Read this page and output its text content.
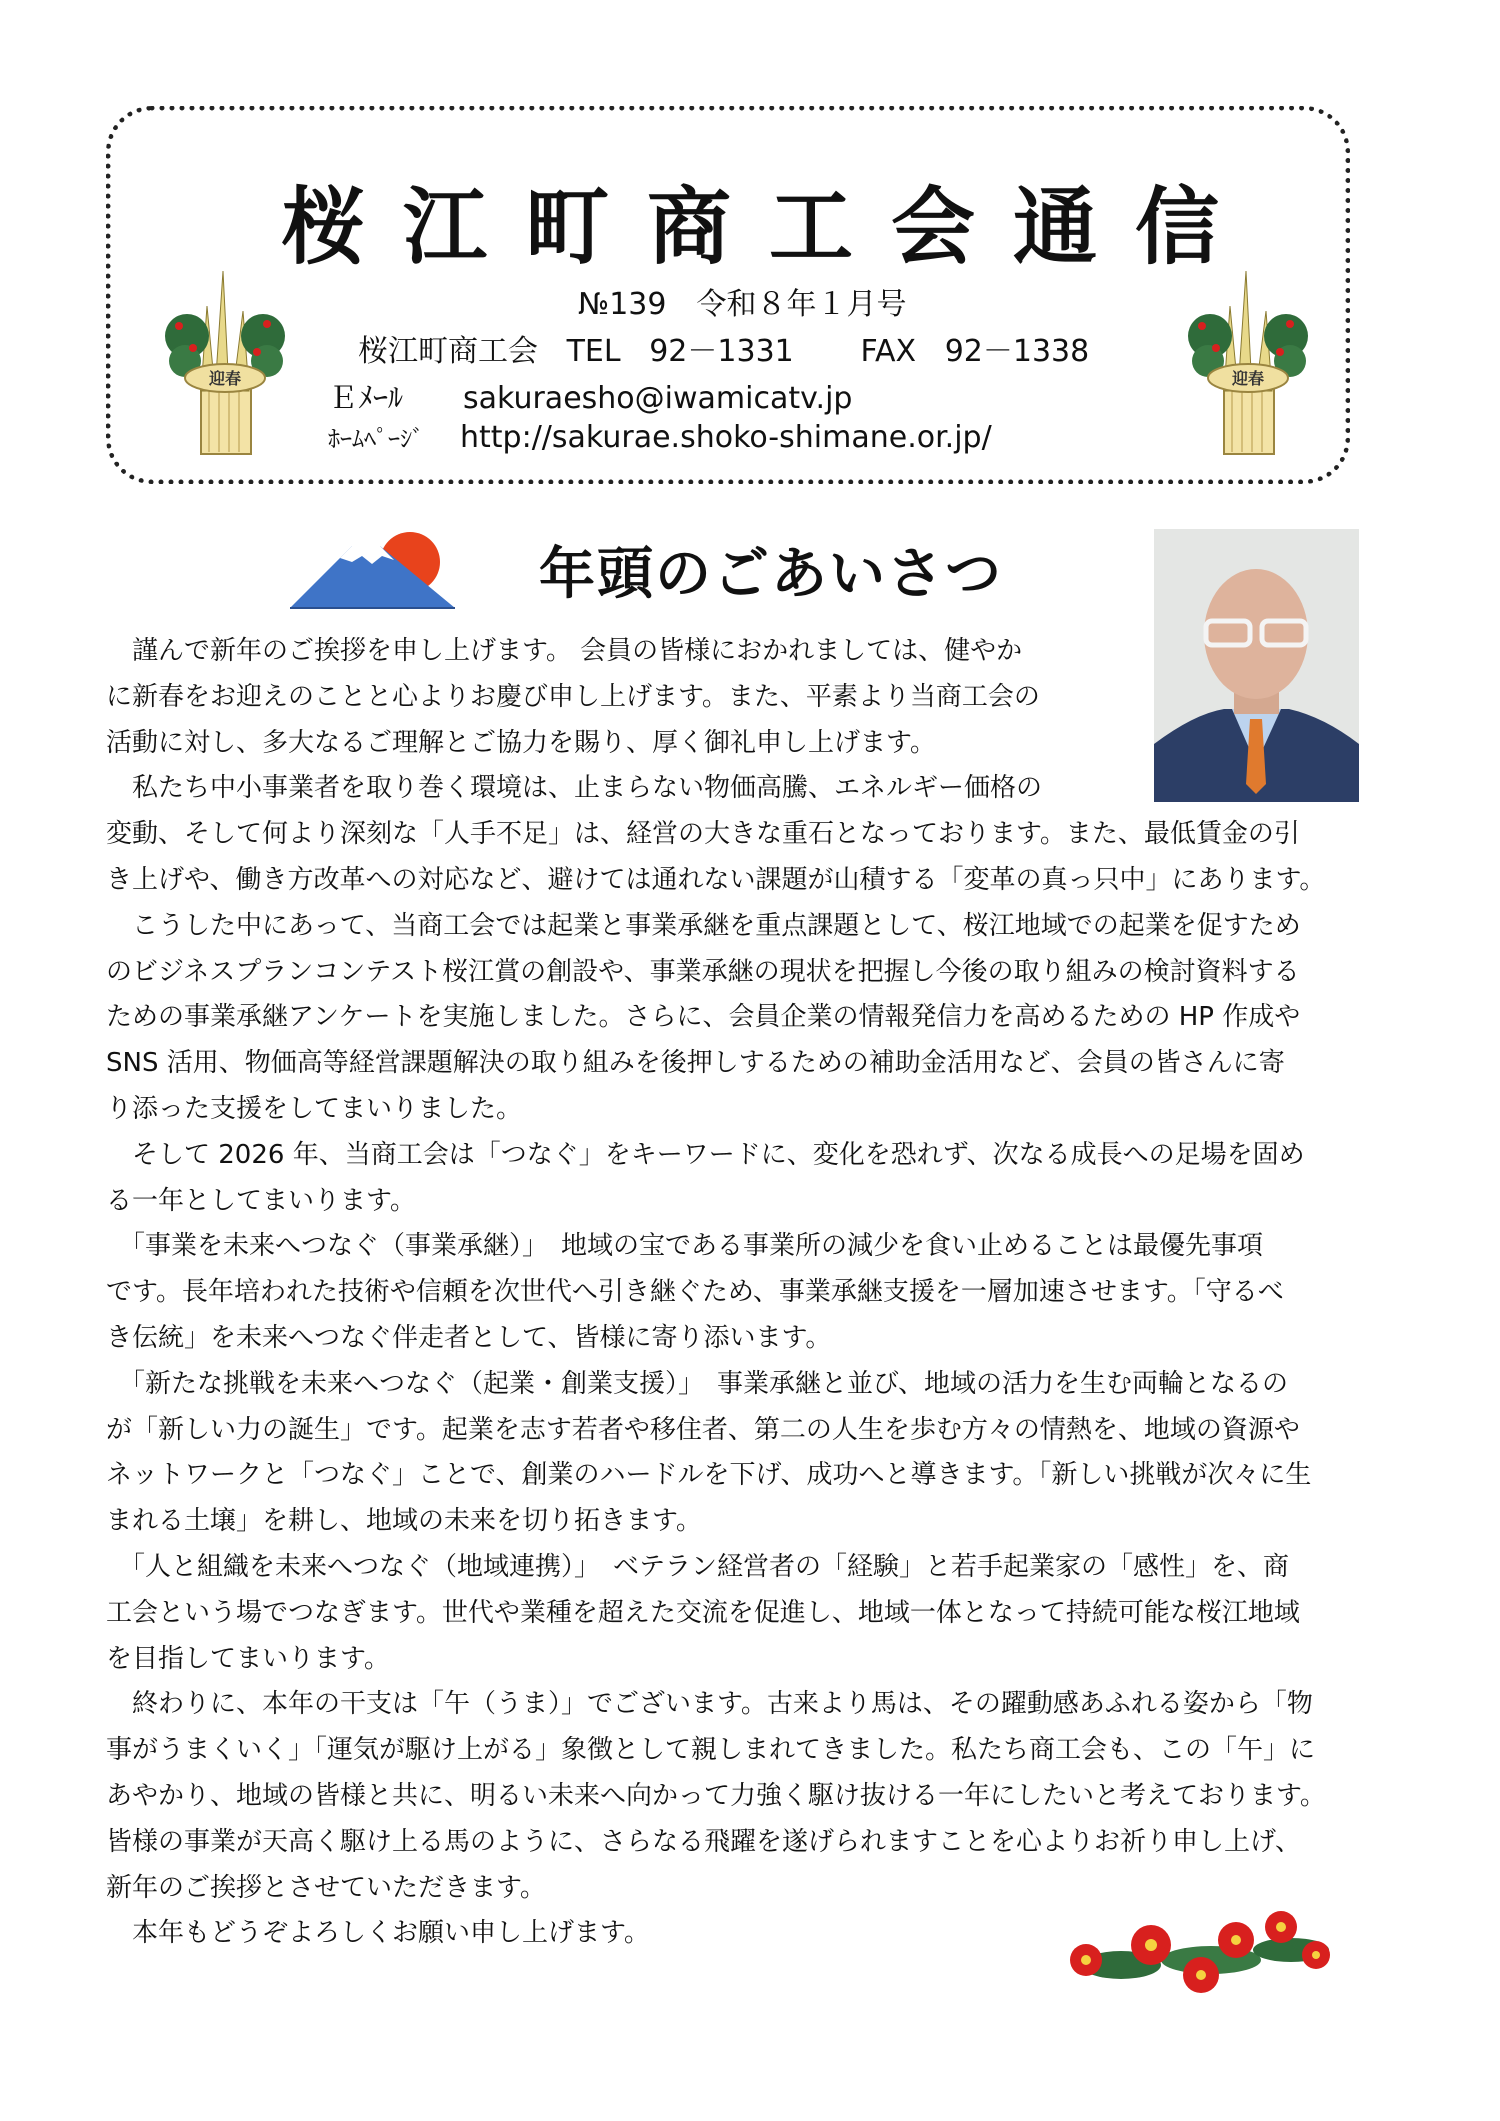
桜江町商工会通信
№139　令和８年１月号
桜江町商工会 TEL 92－1331 FAX 92－1338
Ｅﾒｰﾙ sakuraesho@iwamicatv.jp
ﾎｰﾑﾍﾟｰｼﾞ http://sakurae.shoko-shimane.or.jp/
迎春	迎春
年頭のごあいさつ
　謹んで新年のご挨拶を申し上げます。 会員の皆様におかれましては、健やか
に新春をお迎えのことと心よりお慶び申し上げます。また、平素より当商工会の
活動に対し、多大なるご理解とご協力を賜り、厚く御礼申し上げます。
　私たち中小事業者を取り巻く環境は、止まらない物価高騰、エネルギー価格の
変動、そして何より深刻な「人手不足」は、経営の大きな重石となっております。また、最低賃金の引
き上げや、働き方改革への対応など、避けては通れない課題が山積する「変革の真っ只中」にあります。
　こうした中にあって、当商工会では起業と事業承継を重点課題として、桜江地域での起業を促すため
のビジネスプランコンテスト桜江賞の創設や、事業承継の現状を把握し今後の取り組みの検討資料する
ための事業承継アンケートを実施しました。さらに、会員企業の情報発信力を高めるための HP 作成や
SNS 活用、物価高等経営課題解決の取り組みを後押しするための補助金活用など、会員の皆さんに寄
り添った支援をしてまいりました。
　そして 2026 年、当商工会は「つなぐ」をキーワードに、変化を恐れず、次なる成長への足場を固め
る一年としてまいります。
　「事業を未来へつなぐ（事業承継）」　地域の宝である事業所の減少を食い止めることは最優先事項
です。長年培われた技術や信頼を次世代へ引き継ぐため、事業承継支援を一層加速させます。「守るべ
き伝統」を未来へつなぐ伴走者として、皆様に寄り添います。
　「新たな挑戦を未来へつなぐ（起業・創業支援）」　事業承継と並び、地域の活力を生む両輪となるの
が「新しい力の誕生」です。起業を志す若者や移住者、第二の人生を歩む方々の情熱を、地域の資源や
ネットワークと「つなぐ」ことで、創業のハードルを下げ、成功へと導きます。「新しい挑戦が次々に生
まれる土壌」を耕し、地域の未来を切り拓きます。
　「人と組織を未来へつなぐ（地域連携）」　ベテラン経営者の「経験」と若手起業家の「感性」を、商
工会という場でつなぎます。世代や業種を超えた交流を促進し、地域一体となって持続可能な桜江地域
を目指してまいります。
　終わりに、本年の干支は「午（うま）」でございます。古来より馬は、その躍動感あふれる姿から「物
事がうまくいく」「運気が駆け上がる」象徴として親しまれてきました。私たち商工会も、この「午」に
あやかり、地域の皆様と共に、明るい未来へ向かって力強く駆け抜ける一年にしたいと考えております。
皆様の事業が天高く駆け上る馬のように、さらなる飛躍を遂げられますことを心よりお祈り申し上げ、
新年のご挨拶とさせていただきます。
　本年もどうぞよろしくお願い申し上げます。
